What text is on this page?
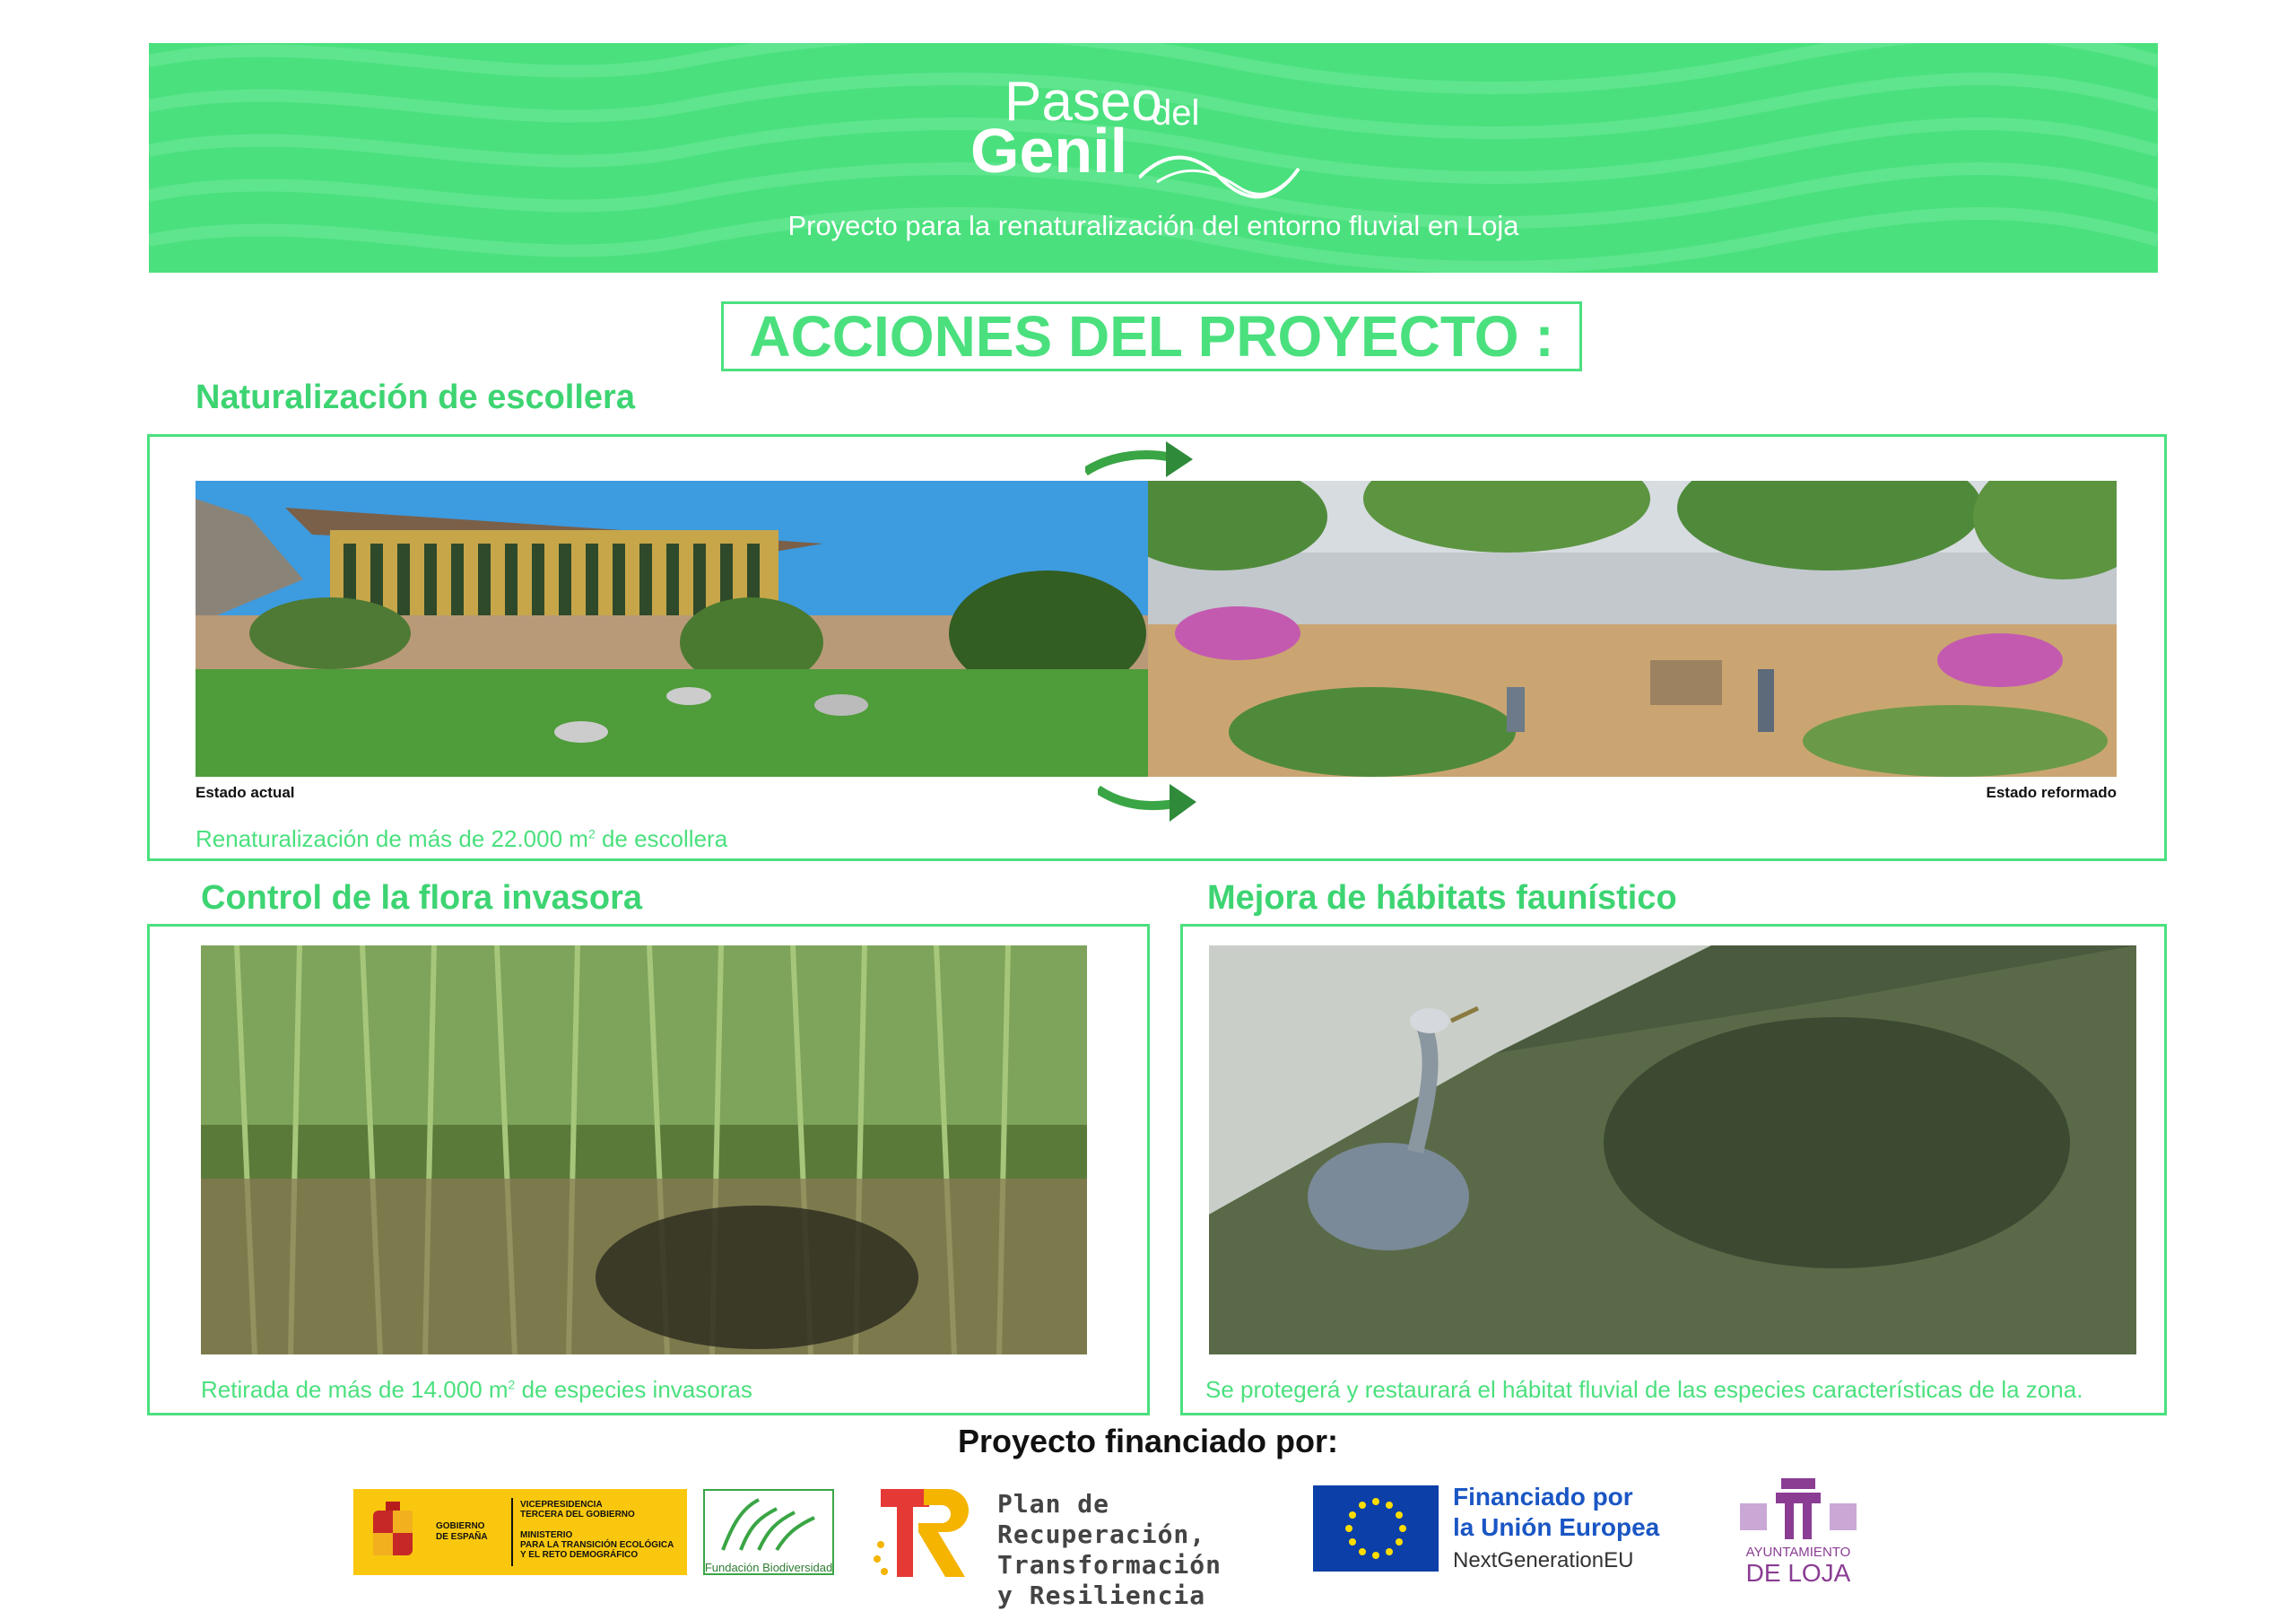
Paseo
del
Genil
Proyecto para la renaturalización del entorno fluvial en Loja
ACCIONES DEL PROYECTO :
Naturalización de escollera
Estado actual	Estado reformado
Renaturalización de más de 22.000 $m^2$ de escollera
Control de la flora invasora
Retirada de más de 14.000 $m^2$ de especies invasoras
Mejora de hábitats faunístico
Se protegerá y restaurará el hábitat fluvial de las especies características de la zona.
Proyecto financiado por:
GOBIERNO
DE ESPAÑA
VICEPRESIDENCIA
TERCERA DEL GOBIERNO
MINISTERIO
PARA LA TRANSICIÓN ECOLÓGICA
Y EL RETO DEMOGRÁFICO
Fundación Biodiversidad
Plan de Recuperación,
Transformación
y Resiliencia
Financiado por
la Unión Europea
NextGenerationEU	AYUNTAMIENTO
DE LOJA
